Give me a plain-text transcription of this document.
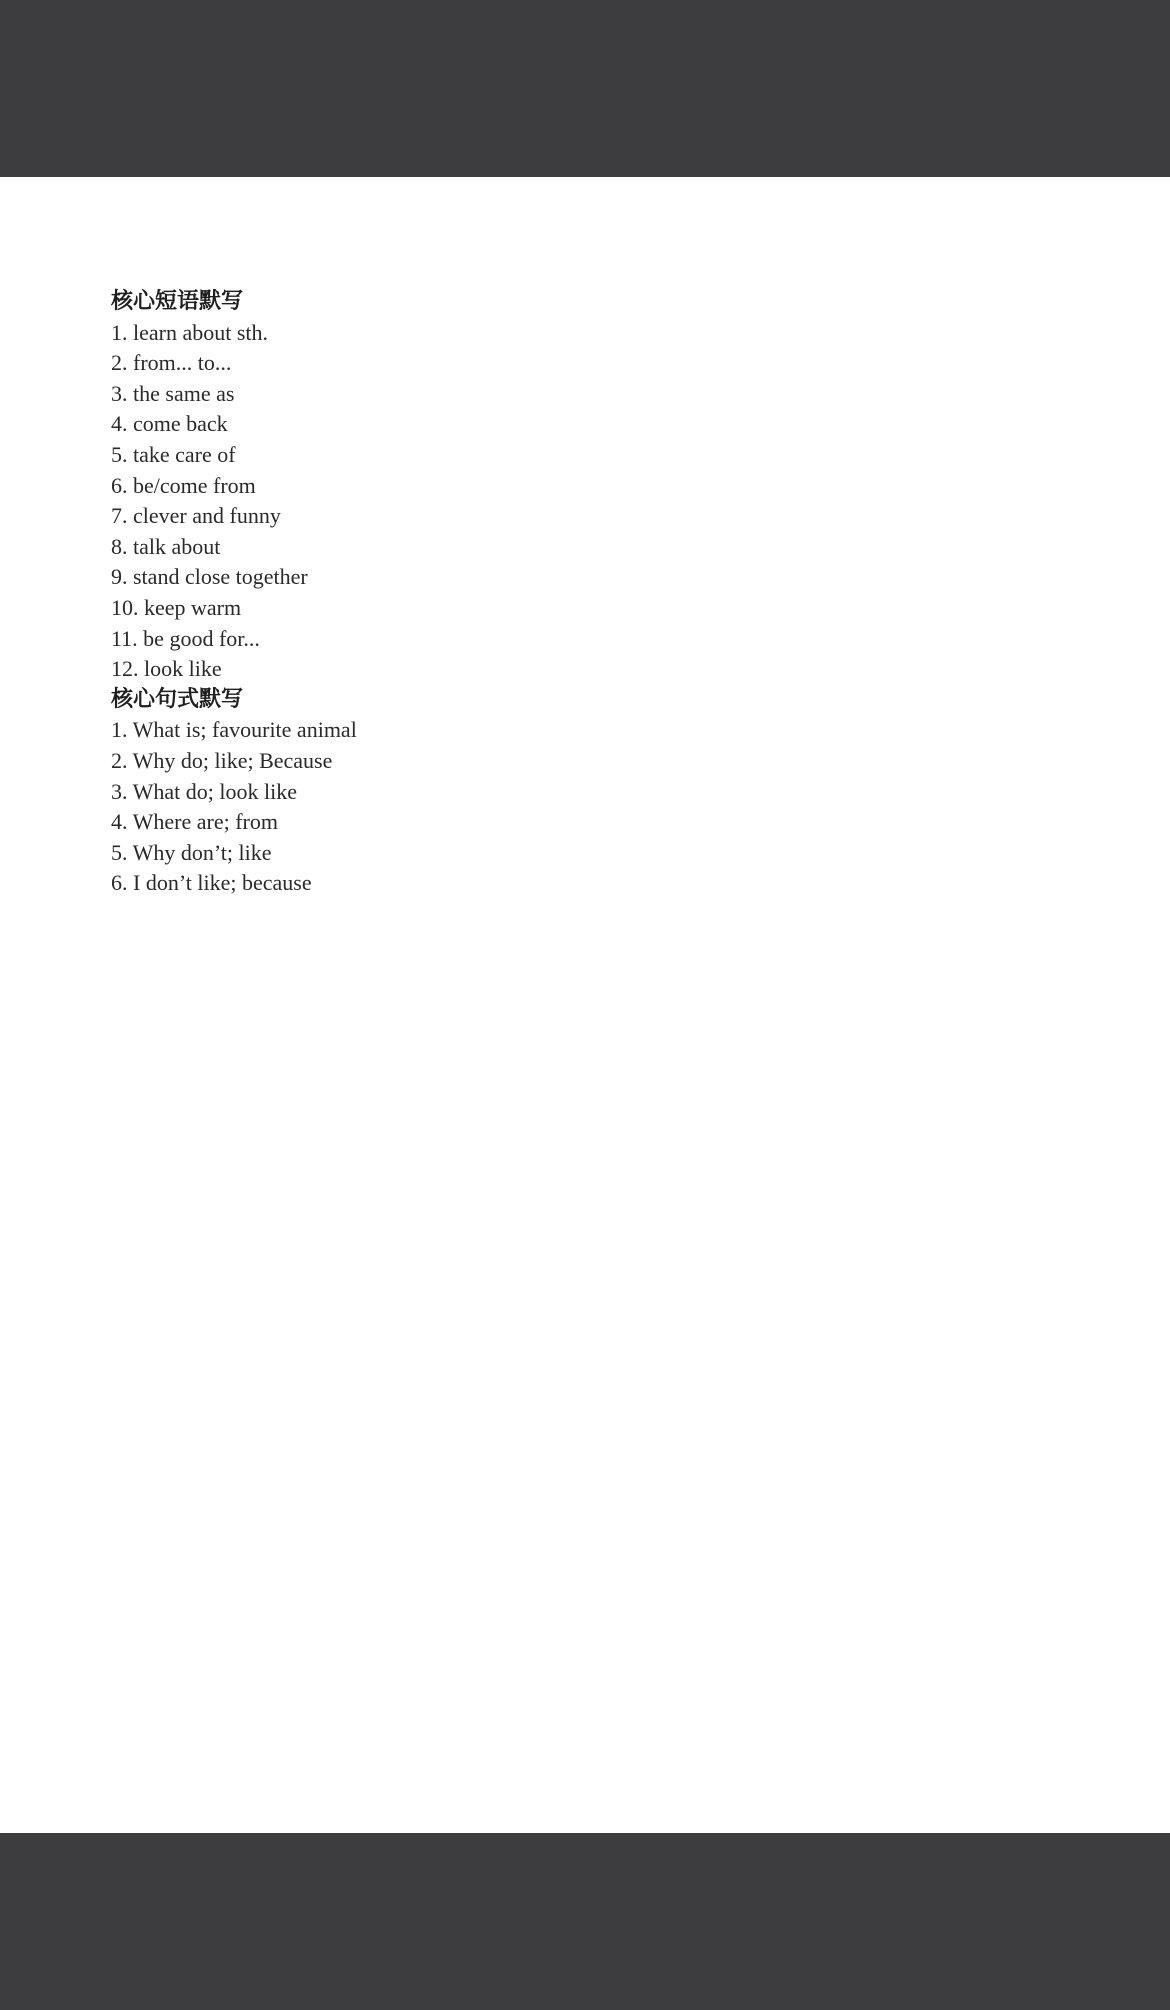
核心短语默写

1. learn about sth.
2. from... to...
3. the same as
4. come back
5. take care of
6. be/come from
7. clever and funny
8. talk about
9. stand close together
10. keep warm
11. be good for...
12. look like

核心句式默写

1. What is; favourite animal
2. Why do; like; Because
3. What do; look like
4. Where are; from
5. Why don’t; like
6. I don’t like; because
